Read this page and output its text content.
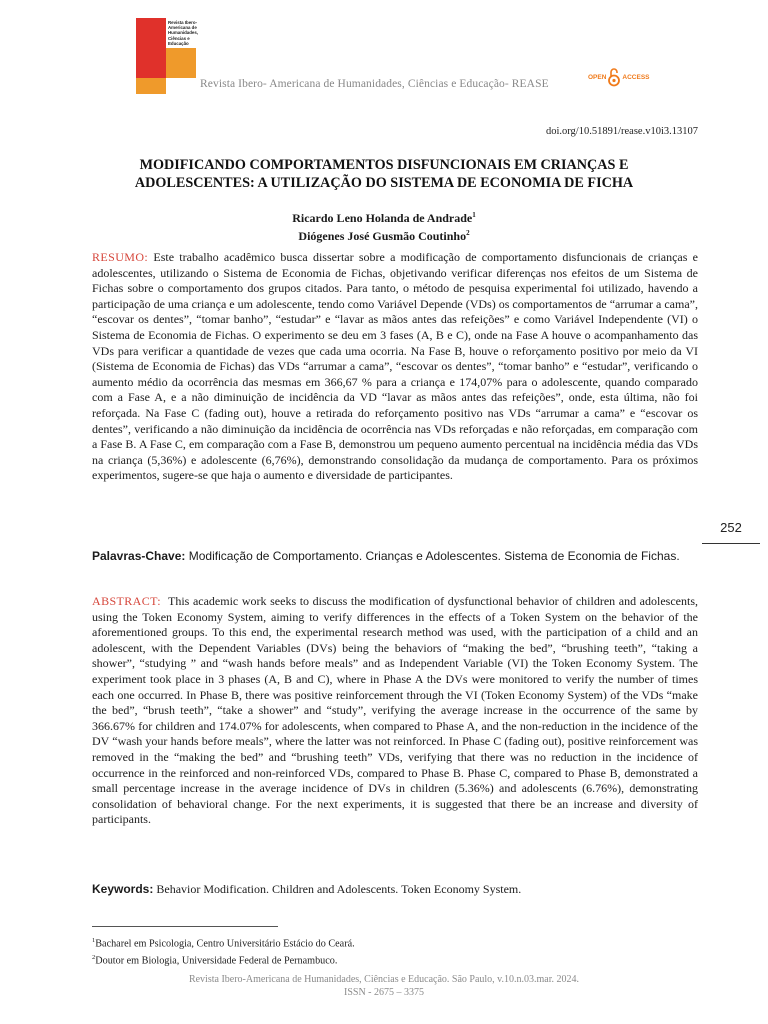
Revista Ibero-Americana de Humanidades, Ciências e Educação
Revista Ibero- Americana de Humanidades, Ciências e Educação- REASE
OPEN ACCESS
doi.org/10.51891/rease.v10i3.13107
MODIFICANDO COMPORTAMENTOS DISFUNCIONAIS EM CRIANÇAS E ADOLESCENTES: A UTILIZAÇÃO DO SISTEMA DE ECONOMIA DE FICHA
Ricardo Leno Holanda de Andrade$^1$
Diógenes José Gusmão Coutinho$^2$
RESUMO: Este trabalho acadêmico busca dissertar sobre a modificação de comportamento disfuncionais de crianças e adolescentes, utilizando o Sistema de Economia de Fichas, objetivando verificar diferenças nos efeitos de um Sistema de Fichas sobre o comportamento dos grupos citados. Para tanto, o método de pesquisa experimental foi utilizado, havendo a participação de uma criança e um adolescente, tendo como Variável Depende (VDs) os comportamentos de “arrumar a cama”, “escovar os dentes”, “tomar banho”, “estudar” e “lavar as mãos antes das refeições” e como Variável Independente (VI) o Sistema de Economia de Fichas. O experimento se deu em 3 fases (A, B e C), onde na Fase A houve o acompanhamento das VDs para verificar a quantidade de vezes que cada uma ocorria. Na Fase B, houve o reforçamento positivo por meio da VI (Sistema de Economia de Fichas) das VDs “arrumar a cama”, “escovar os dentes”, “tomar banho” e “estudar”, verificando o aumento médio da ocorrência das mesmas em 366,67 % para a criança e 174,07% para o adolescente, quando comparado com a Fase A, e a não diminuição de incidência da VD “lavar as mãos antes das refeições”, onde, esta última, não foi reforçada. Na Fase C (fading out), houve a retirada do reforçamento positivo nas VDs “arrumar a cama” e “escovar os dentes”, verificando a não diminuição da incidência de ocorrência nas VDs reforçadas e não reforçadas, em comparação com a Fase B. A Fase C, em comparação com a Fase B, demonstrou um pequeno aumento percentual na incidência média das VDs na criança (5,36%) e adolescente (6,76%), demonstrando consolidação da mudança de comportamento. Para os próximos experimentos, sugere-se que haja o aumento e diversidade de participantes.
Palavras-Chave: Modificação de Comportamento. Crianças e Adolescentes. Sistema de Economia de Fichas.
ABSTRACT: This academic work seeks to discuss the modification of dysfunctional behavior of children and adolescents, using the Token Economy System, aiming to verify differences in the effects of a Token System on the behavior of the aforementioned groups. To this end, the experimental research method was used, with the participation of a child and an adolescent, with the Dependent Variables (DVs) being the behaviors of “making the bed”, “brushing teeth”, “taking a shower”, “studying ” and “wash hands before meals” and as Independent Variable (VI) the Token Economy System. The experiment took place in 3 phases (A, B and C), where in Phase A the DVs were monitored to verify the number of times each one occurred. In Phase B, there was positive reinforcement through the VI (Token Economy System) of the VDs “make the bed”, “brush teeth”, “take a shower” and “study”, verifying the average increase in the occurrence of the same by 366.67% for children and 174.07% for adolescents, when compared to Phase A, and the non-reduction in the incidence of the DV “wash your hands before meals”, where the latter was not reinforced. In Phase C (fading out), positive reinforcement was removed in the “making the bed” and “brushing teeth” VDs, verifying that there was no reduction in the incidence of occurrence in the reinforced and non-reinforced VDs, compared to Phase B. Phase C, compared to Phase B, demonstrated a small percentage increase in the average incidence of DVs in children (5.36%) and adolescents (6.76%), demonstrating consolidation of behavioral change. For the next experiments, it is suggested that there be an increase and diversity of participants.
Keywords: Behavior Modification. Children and Adolescents. Token Economy System.
252
$^1$Bacharel em Psicologia, Centro Universitário Estácio do Ceará.
$^2$Doutor em Biologia, Universidade Federal de Pernambuco.
Revista Ibero-Americana de Humanidades, Ciências e Educação. São Paulo, v.10.n.03.mar. 2024.
ISSN - 2675 – 3375
